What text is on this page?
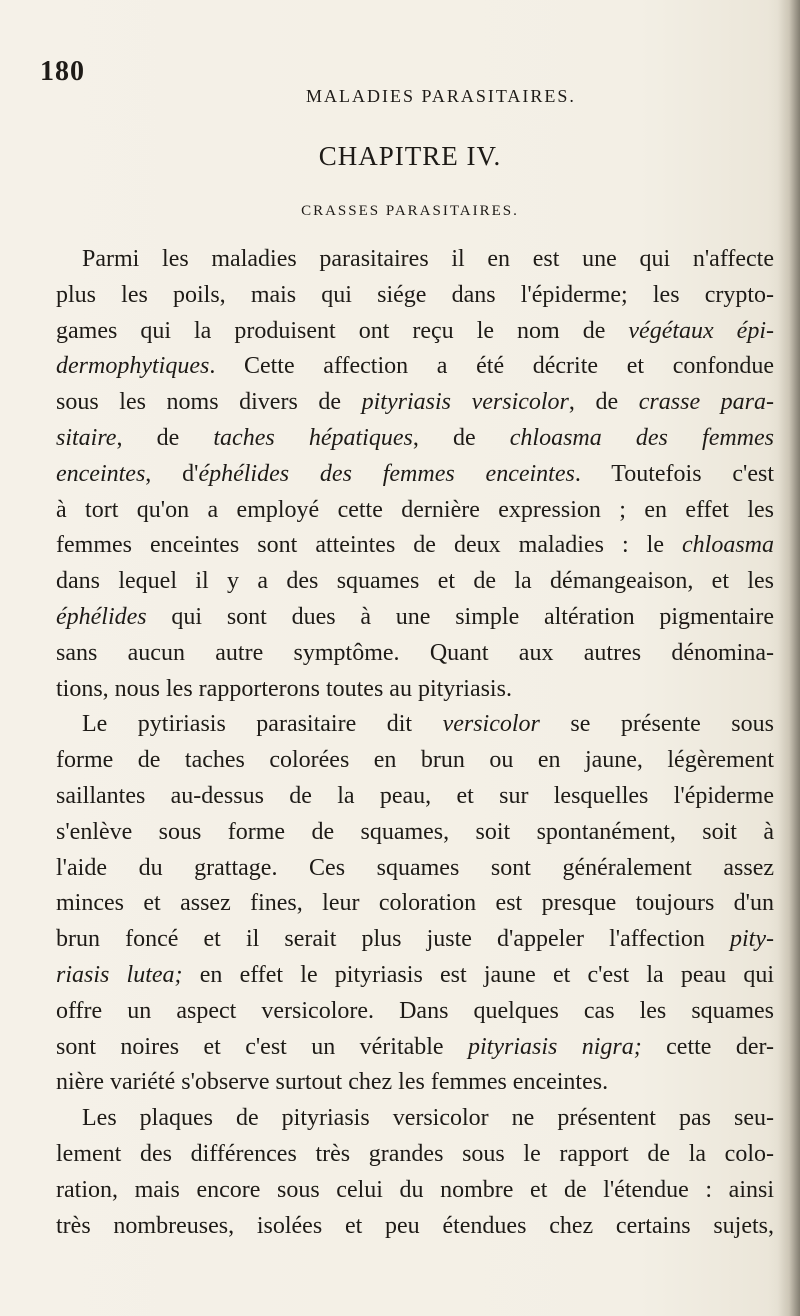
180
MALADIES PARASITAIRES.
CHAPITRE IV.
CRASSES PARASITAIRES.
Parmi les maladies parasitaires il en est une qui n'affecte
plus les poils, mais qui siége dans l'épiderme; les crypto-
games qui la produisent ont reçu le nom de végétaux épi-
dermophytiques. Cette affection a été décrite et confondue
sous les noms divers de pityriasis versicolor, de crasse para-
sitaire, de taches hépatiques, de chloasma des femmes
enceintes, d'éphélides des femmes enceintes. Toutefois c'est
à tort qu'on a employé cette dernière expression ; en effet les
femmes enceintes sont atteintes de deux maladies : le chloasma
dans lequel il y a des squames et de la démangeaison, et les
éphélides qui sont dues à une simple altération pigmentaire
sans aucun autre symptôme. Quant aux autres dénomina-
tions, nous les rapporterons toutes au pityriasis.
Le pytiriasis parasitaire dit versicolor se présente sous
forme de taches colorées en brun ou en jaune, légèrement
saillantes au-dessus de la peau, et sur lesquelles l'épiderme
s'enlève sous forme de squames, soit spontanément, soit à
l'aide du grattage. Ces squames sont généralement assez
minces et assez fines, leur coloration est presque toujours d'un
brun foncé et il serait plus juste d'appeler l'affection pity-
riasis lutea; en effet le pityriasis est jaune et c'est la peau qui
offre un aspect versicolore. Dans quelques cas les squames
sont noires et c'est un véritable pityriasis nigra; cette der-
nière variété s'observe surtout chez les femmes enceintes.
Les plaques de pityriasis versicolor ne présentent pas seu-
lement des différences très grandes sous le rapport de la colo-
ration, mais encore sous celui du nombre et de l'étendue : ainsi
très nombreuses, isolées et peu étendues chez certains sujets,
